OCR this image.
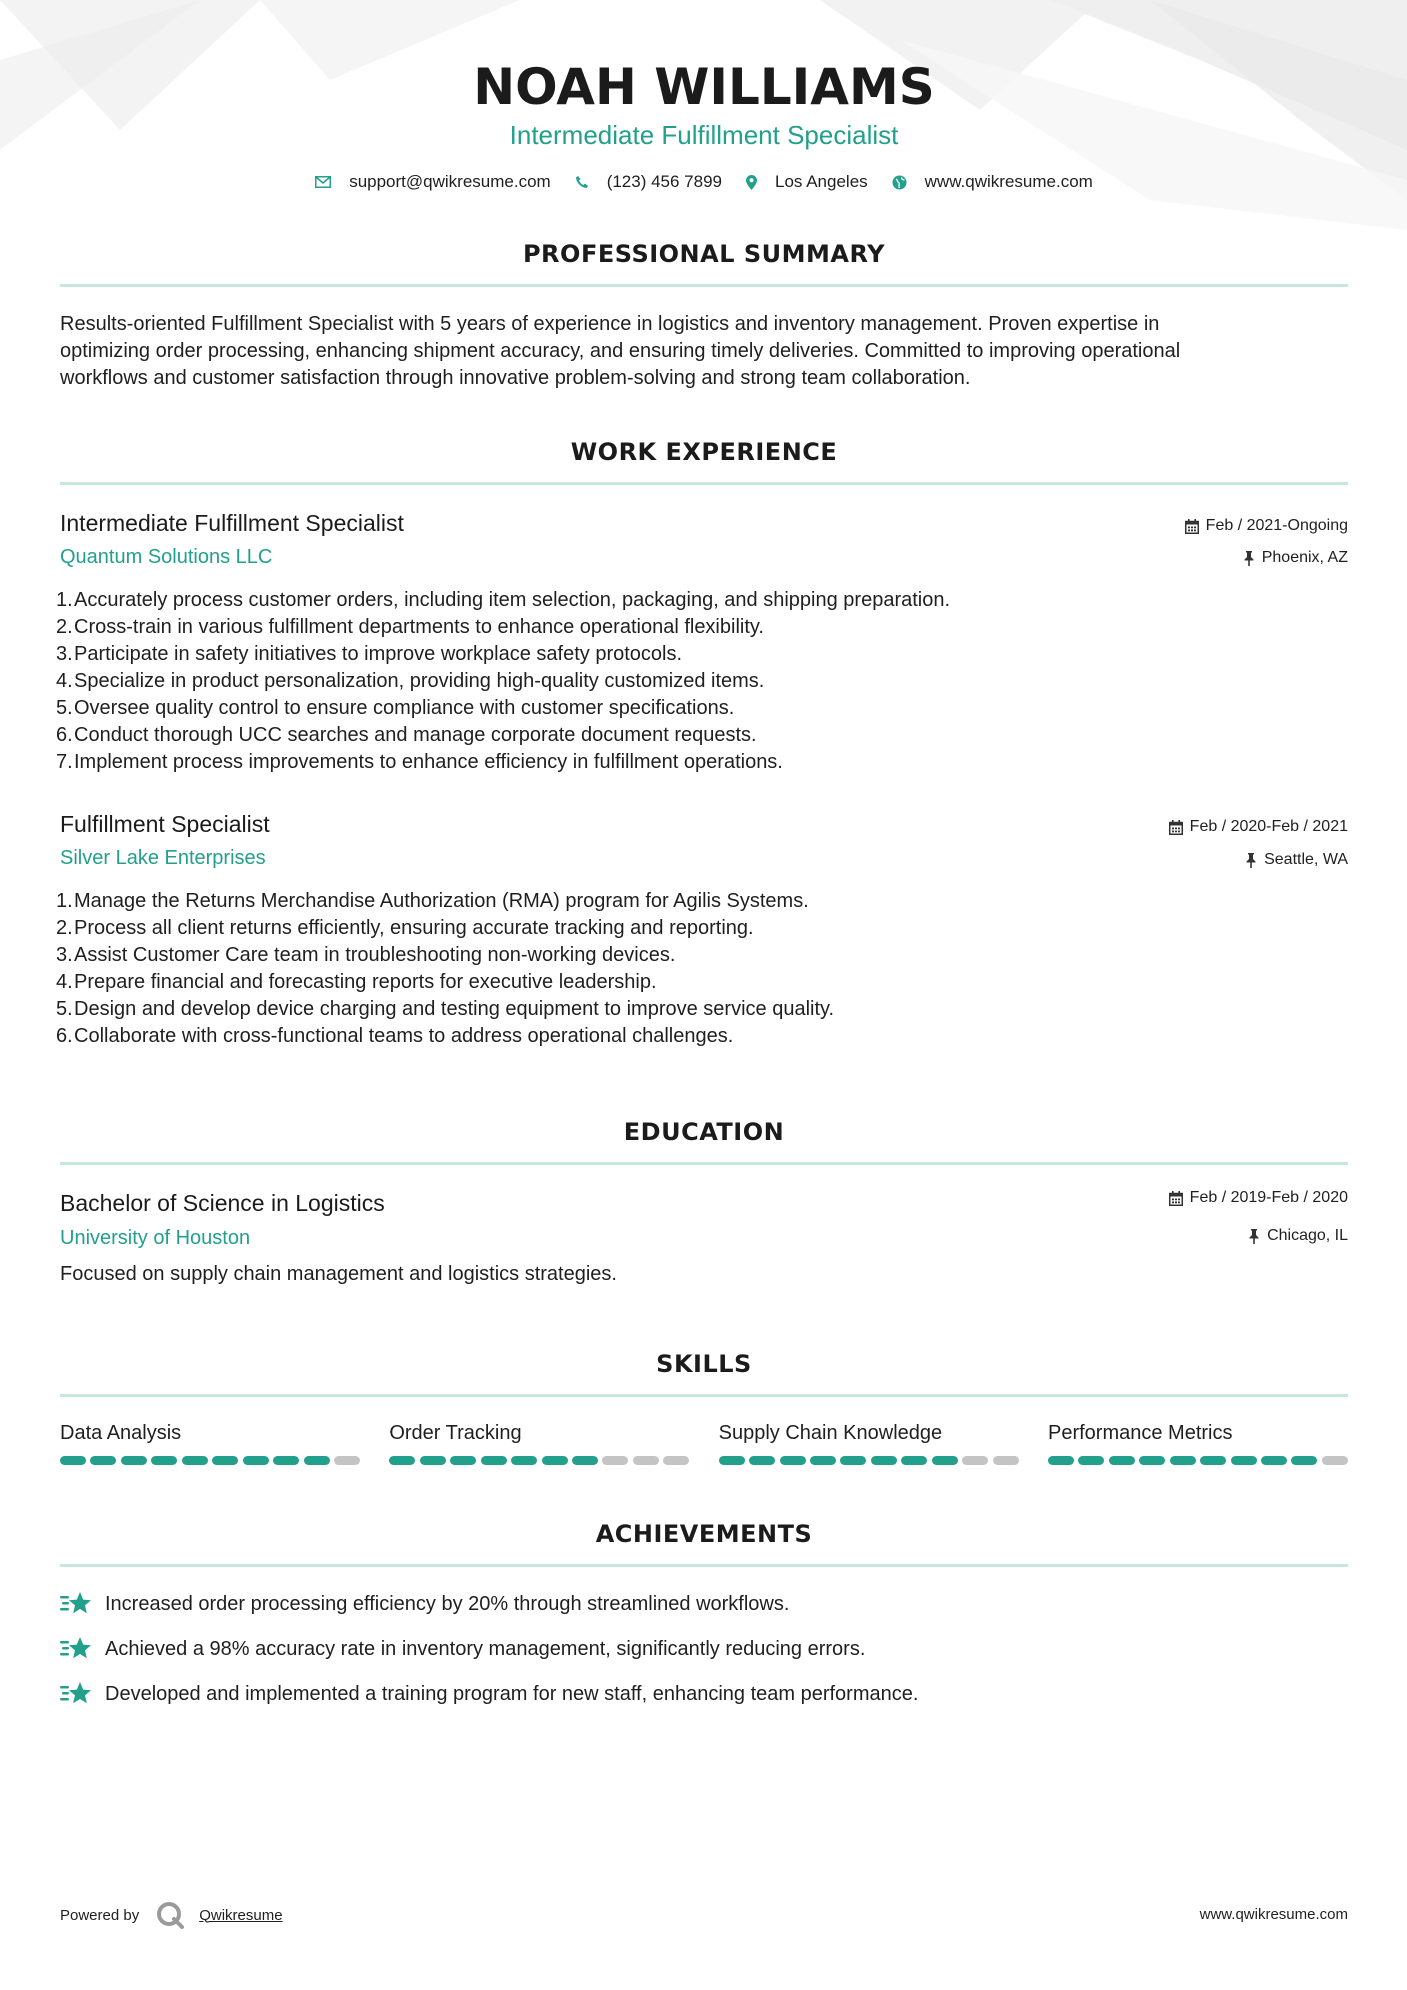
NOAH WILLIAMS
Intermediate Fulfillment Specialist
support@qwikresume.com	(123) 456 7899	Los Angeles	www.qwikresume.com
PROFESSIONAL SUMMARY
Results-oriented Fulfillment Specialist with 5 years of experience in logistics and inventory management. Proven expertise in
optimizing order processing, enhancing shipment accuracy, and ensuring timely deliveries. Committed to improving operational
workflows and customer satisfaction through innovative problem-solving and strong team collaboration.
WORK EXPERIENCE
Intermediate Fulfillment Specialist
Quantum Solutions LLC
Feb / 2021-Ongoing
Phoenix, AZ
1. Accurately process customer orders, including item selection, packaging, and shipping preparation.
2. Cross-train in various fulfillment departments to enhance operational flexibility.
3. Participate in safety initiatives to improve workplace safety protocols.
4. Specialize in product personalization, providing high-quality customized items.
5. Oversee quality control to ensure compliance with customer specifications.
6. Conduct thorough UCC searches and manage corporate document requests.
7. Implement process improvements to enhance efficiency in fulfillment operations.
Fulfillment Specialist
Silver Lake Enterprises
Feb / 2020-Feb / 2021
Seattle, WA
1. Manage the Returns Merchandise Authorization (RMA) program for Agilis Systems.
2. Process all client returns efficiently, ensuring accurate tracking and reporting.
3. Assist Customer Care team in troubleshooting non-working devices.
4. Prepare financial and forecasting reports for executive leadership.
5. Design and develop device charging and testing equipment to improve service quality.
6. Collaborate with cross-functional teams to address operational challenges.
EDUCATION
Bachelor of Science in Logistics
University of Houston
Feb / 2019-Feb / 2020
Chicago, IL
Focused on supply chain management and logistics strategies.
SKILLS
Data Analysis	Order Tracking	Supply Chain Knowledge	Performance Metrics
ACHIEVEMENTS
Increased order processing efficiency by 20% through streamlined workflows.
Achieved a 98% accuracy rate in inventory management, significantly reducing errors.
Developed and implemented a training program for new staff, enhancing team performance.
Powered by	Qwikresume	www.qwikresume.com
